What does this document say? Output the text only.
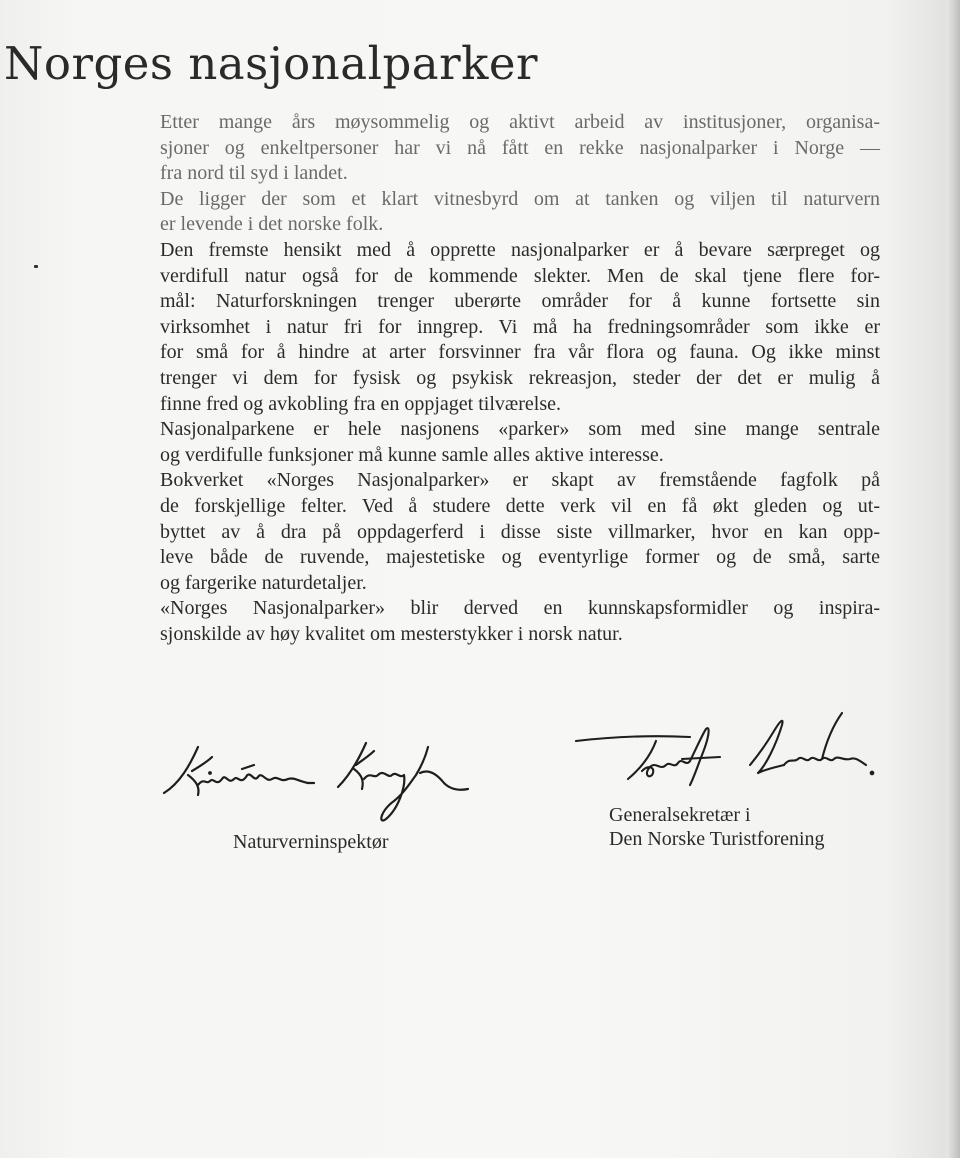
Norges nasjonalparker
Etter mange års møysommelig og aktivt arbeid av institusjoner, organisa-
sjoner og enkeltpersoner har vi nå fått en rekke nasjonalparker i Norge —
fra nord til syd i landet.
De ligger der som et klart vitnesbyrd om at tanken og viljen til naturvern
er levende i det norske folk.
Den fremste hensikt med å opprette nasjonalparker er å bevare særpreget og
verdifull natur også for de kommende slekter. Men de skal tjene flere for-
mål: Naturforskningen trenger uberørte områder for å kunne fortsette sin
virksomhet i natur fri for inngrep. Vi må ha fredningsområder som ikke er
for små for å hindre at arter forsvinner fra vår flora og fauna. Og ikke minst
trenger vi dem for fysisk og psykisk rekreasjon, steder der det er mulig å
finne fred og avkobling fra en oppjaget tilværelse.
Nasjonalparkene er hele nasjonens «parker» som med sine mange sentrale
og verdifulle funksjoner må kunne samle alles aktive interesse.
Bokverket «Norges Nasjonalparker» er skapt av fremstående fagfolk på
de forskjellige felter. Ved å studere dette verk vil en få økt gleden og ut-
byttet av å dra på oppdagerferd i disse siste villmarker, hvor en kan opp-
leve både de ruvende, majestetiske og eventyrlige former og de små, sarte
og fargerike naturdetaljer.
«Norges Nasjonalparker» blir derved en kunnskapsformidler og inspira-
sjonskilde av høy kvalitet om mesterstykker i norsk natur.
Naturverninspektør
Generalsekretær i
Den Norske Turistforening
